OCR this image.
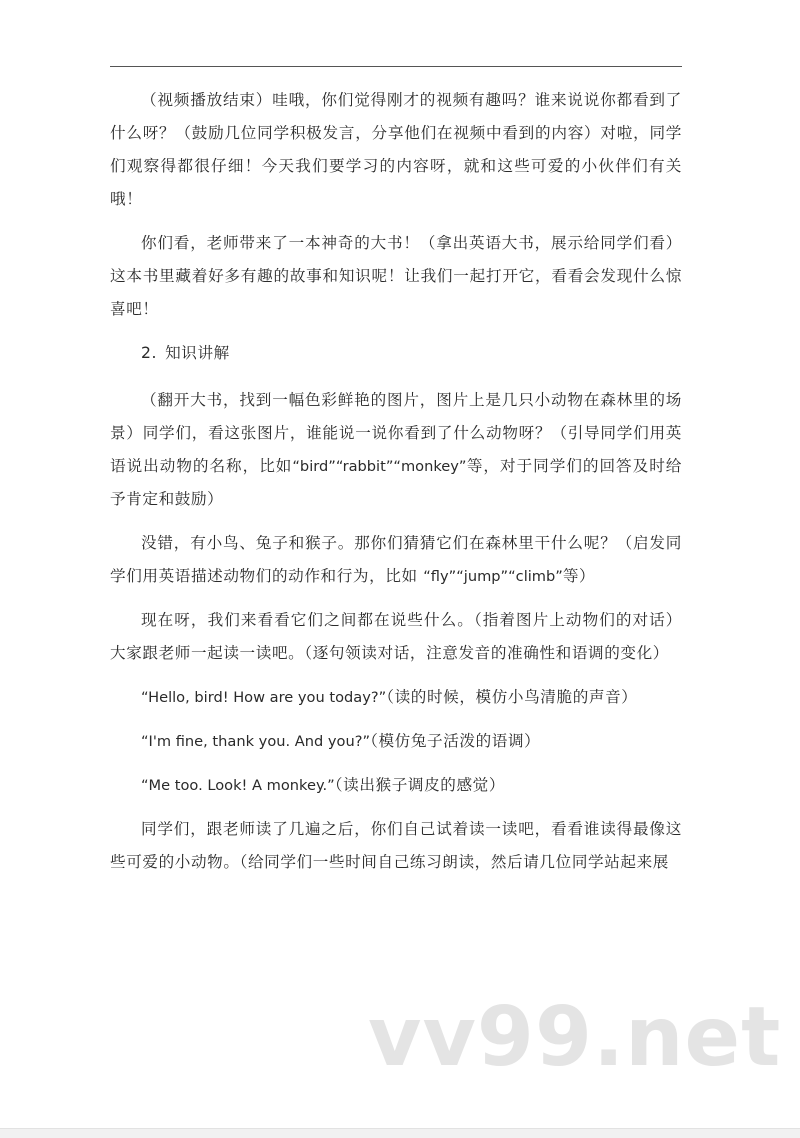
（视频播放结束）哇哦，你们觉得刚才的视频有趣吗？谁来说说你都看到了什么呀？（鼓励几位同学积极发言，分享他们在视频中看到的内容）对啦，同学们观察得都很仔细！今天我们要学习的内容呀，就和这些可爱的小伙伴们有关哦！

你们看，老师带来了一本神奇的大书！（拿出英语大书，展示给同学们看）这本书里藏着好多有趣的故事和知识呢！让我们一起打开它，看看会发现什么惊喜吧！

2. 知识讲解

（翻开大书，找到一幅色彩鲜艳的图片，图片上是几只小动物在森林里的场景）同学们，看这张图片，谁能说一说你看到了什么动物呀？（引导同学们用英语说出动物的名称，比如“bird”“rabbit”“monkey”等，对于同学们的回答及时给予肯定和鼓励）

没错，有小鸟、兔子和猴子。那你们猜猜它们在森林里干什么呢？（启发同学们用英语描述动物们的动作和行为，比如 “fly”“jump”“climb”等）

现在呀，我们来看看它们之间都在说些什么。（指着图片上动物们的对话）大家跟老师一起读一读吧。（逐句领读对话，注意发音的准确性和语调的变化）

“Hello, bird! How are you today?”（读的时候，模仿小鸟清脆的声音）

“I'm fine, thank you. And you?”（模仿兔子活泼的语调）

“Me too. Look! A monkey.”（读出猴子调皮的感觉）

同学们，跟老师读了几遍之后，你们自己试着读一读吧，看看谁读得最像这些可爱的小动物。（给同学们一些时间自己练习朗读，然后请几位同学站起来展

vv99.net
